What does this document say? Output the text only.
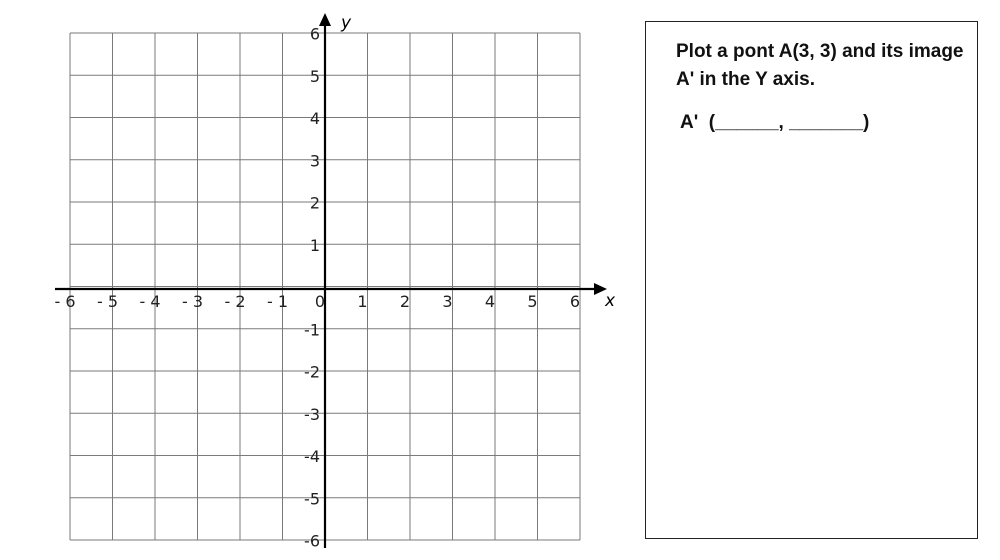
x
y
- 6 - 5 - 4 - 3 - 2 - 1 0 1 2 3 4 5 6
6
5
4
3
2
1
-1
-2
-3
-4
-5
-6
Plot a pont A(3, 3) and its image A' in the Y axis.
A'  (______, _______)
